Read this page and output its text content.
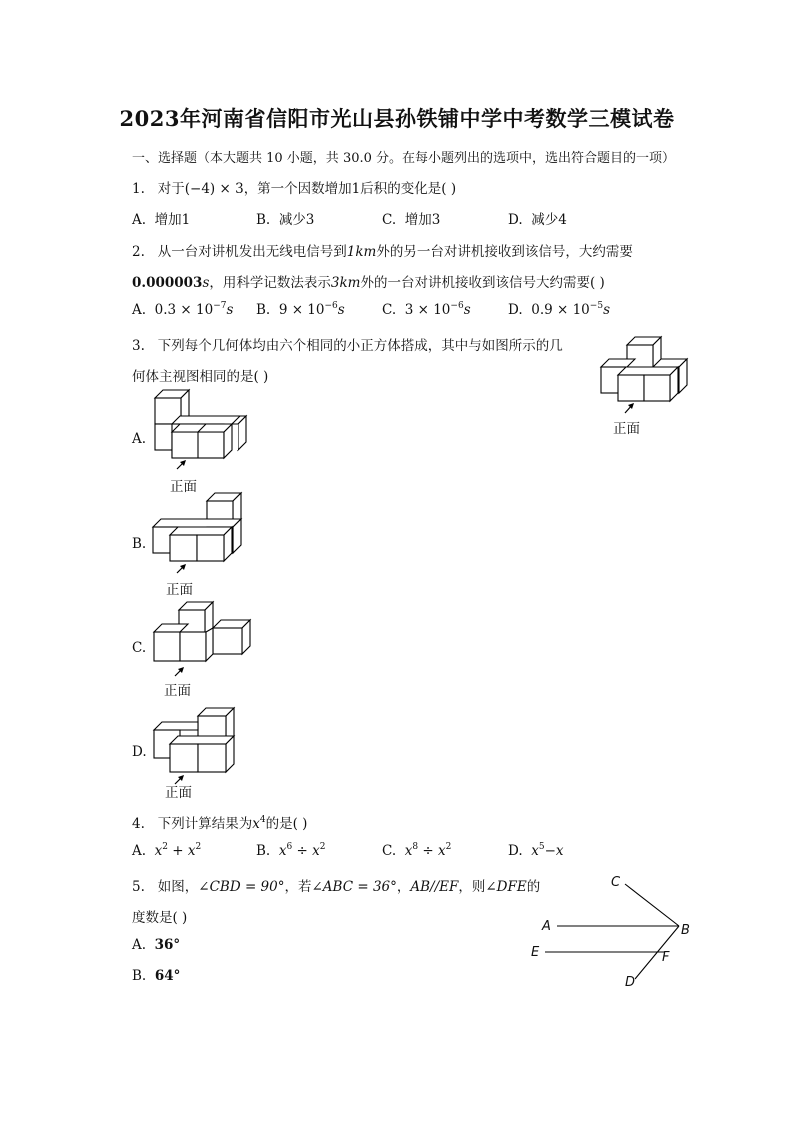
2023年河南省信阳市光山县孙铁铺中学中考数学三模试卷
一、选择题（本大题共 10 小题，共 30.0 分。在每小题列出的选项中，选出符合题目的一项）
1. 对于(−4) × 3，第一个因数增加1后积的变化是( )
A. 增加1	B. 减少3	C. 增加3	D. 减少4
2. 从一台对讲机发出无线电信号到1km外的另一台对讲机接收到该信号，大约需要
0.000003s，用科学记数法表示3km外的一台对讲机接收到该信号大约需要( )
A. $0.3 \times 10^{-7}s$ B. $9 \times 10^{-6}s$	C. $3 \times 10^{-6}s$	D. $0.9 \times 10^{-5}s$
3. 下列每个几何体均由六个相同的小正方体搭成，其中与如图所示的几
何体主视图相同的是( )
正面
A.
正面
B.
正面
C.
正面
D.
正面
4. 下列计算结果为$x^4$的是( )
A. $x^2 + x^2$	B. $x^6 \div x^2$	C. $x^8 \div x^2$	D. $x^5-x$
5. 如图，∠CBD = 90°，若∠ABC = 36°，AB//EF，则∠DFE的
度数是( )
A. 36°
B. 64°
C
A	B
E	F
D
